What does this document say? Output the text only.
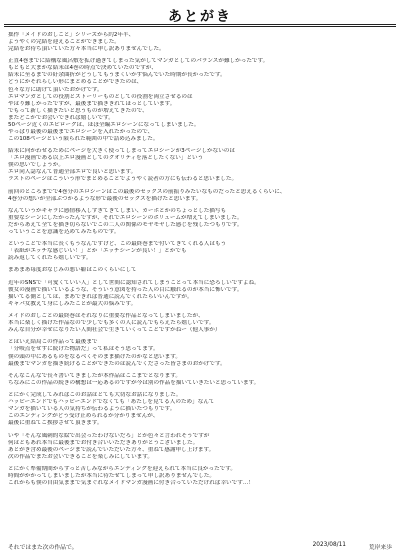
あとがき
拙作「メイドのおしごと」シリーズから約2年半、
ようやくの完結を迎えることができました。
完結をお待ち頂いていた方々本当に申し訳ありませんでした。
正直4巻までに結構な風呂敷を拡げ過ぎてしまった気がしてマンガとしてのバランスが難しかったです。
もともと大まかな結末は4巻の時点で決めていたのですが、
結末に至るまでの紆余曲折がどうしてもうまくいかず悩んでいた時期が長かったです。
どうにかそれらしい形にまとめることができたのは、
色々な方に助けて頂いたおかげです。
エロマンガとしての役割とストーリーものとしての役割を両立させるのは
やはり難しかったですが、最後まで描ききれてほっとしています。
でもって新しく描きたいと思うものが増えてきたので、
またどこかでお会いできれば嬉しいです。
50ページ近くのエピローグは、ほぼ全編エロシーンになってしまいました。
やっぱり最後の最後までエロシーンを入れたかったので、
この108ページという限られた範囲の中で詰め込みました。
結末に向かわせるためにページを大きく使ってしまってエロシーンが3ページしかないのは
「エロ漫画である以上エロ漫画としてのクオリティを落としたくない」という
僕の思いでしょうか。
エロ同人誌なんて普通全部エロで良いと思います。
ラストのページはこういう形でまとめることでようやく読者の方にも伝わると思いました。
前回のところまでで4巻分のエロシーンはこの最後のセックスの前振りみたいなものだったと思えるくらいに、
4巻分の想いが全部ぶつかるような形で最後のセックスを描けたと思います。
なんていうかキャラに感情移入しすぎてきてしまい、カーボとかのちょっとした描写も
重要なシーンにしたかったんですが、それでエロシーンのボリュームが増えてしまいました。
だからあえて全てを描き切らないでこの二人の関係のモヤモヤした感じを残したつもりです。
っていうことを意識を込めてみたものです。
ということで本当に長くもうなんですけど、この最終巻まで付いてきてくれる人はもう
「表紙がエッチな感じいい！」とか「エッチシーンが良い！」とかでも
読み返してくれたら嬉しいです。
まあまあ毎度おなじみの悪い癖はこのくらいにして
近年のSNSで「可愛くていい人」として世間に認知されてしまうことって本当に恐ろしいですよね。
彼女の漫画で描いているような、そういう意図を持った人の目に触れるのが本当に怖いです。
描いてる側としては、まあできれば普通に読んでくれたらいいんですが。
キャバ女教えて身にしみたことが最大の悩みです。
メイドのおしごとの最終巻はそれなりに重要な作品となってしまいましたが、
本当に楽しく描けた作品なので少しでも多くの人に読んでもらえたら嬉しいです。
みんな自分が幸せになりたい人間社会で生きていくってことですかねー（他人事か）
とはいえ結局この作品って最後まで
「分岐点をせずに続けた物語だ」って私はそう思ってます。
僕の頭の中にあるものをなるべくそのまま描けたのかなと思います。
最後までマンガを描き続けることができたのは読んでくださった皆さまのおかげです。
そんなこんなで長々書いてきましたが本作品はここまでとなります。
ちなみにこの作品の続きの構想は一応あるのですが今は別の作品を描いていきたいと思っています。
とにかく完成してみればこのお話はとても大切なお話になりました。
ハッピーエンドでもハッピーエンドでなくても「あたしを見てる人のため」なんて
マンガを描いている人の気持ちが伝わるように描いたつもりです。
このエンディングがどう受け止められるか分かりませんが、
最後に重ねてご挨拶させて頂きます。
いや「そんな風刺的な絵で出会ったわけないだろ」とか色々と言われそうですが
何はともあれ本当に最後までお付き合いいただきありがとうございました。
あとがき含め最後のページまで読んでいただいた方々、重ねて感謝申し上げます。
次の作品でまたお会いできることを楽しみにしています。
とにかく準備期間からずっと苦しみながらエンディングを迎えられて本当に良かったです。
時間がかかってしまいましたが本当に待たせてしまって申し訳ありませんでした。
これからも僕の自由気ままで気まぐれなメイドマンガ漫画に付き合っていただければ幸いです…！
それではまた次の作品で。	2023/08/11	荒岸来歩
